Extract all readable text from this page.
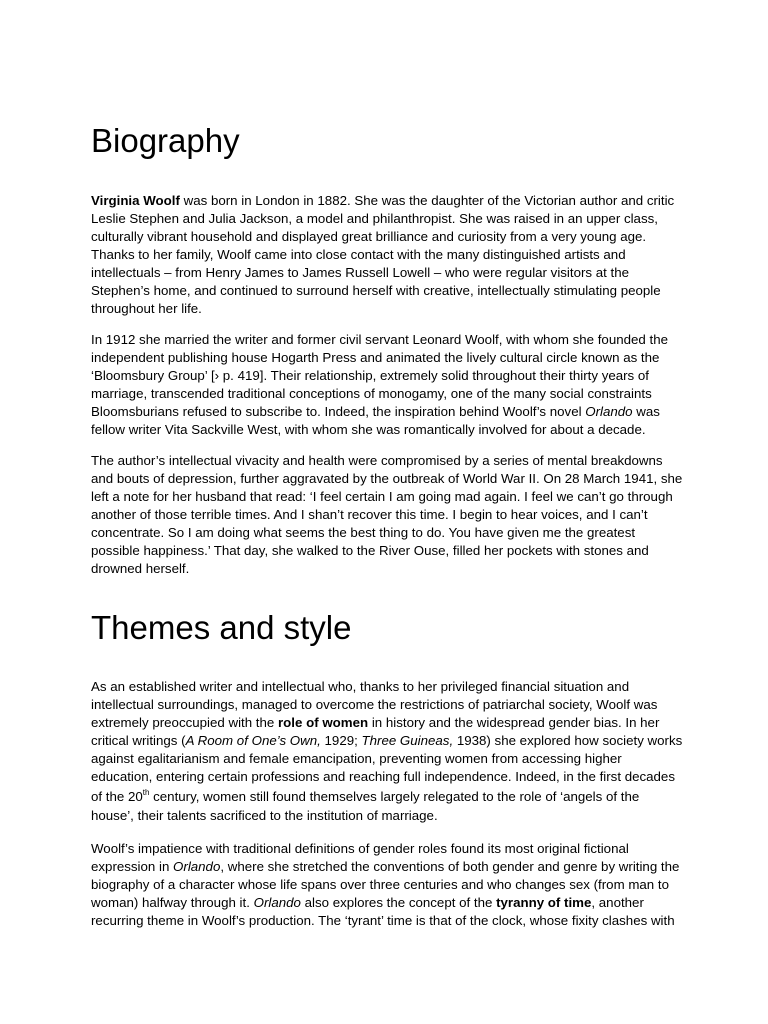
Biography
Virginia Woolf was born in London in 1882. She was the daughter of the Victorian author and critic
Leslie Stephen and Julia Jackson, a model and philanthropist. She was raised in an upper class,
culturally vibrant household and displayed great brilliance and curiosity from a very young age.
Thanks to her family, Woolf came into close contact with the many distinguished artists and
intellectuals – from Henry James to James Russell Lowell – who were regular visitors at the
Stephen’s home, and continued to surround herself with creative, intellectually stimulating people
throughout her life.
In 1912 she married the writer and former civil servant Leonard Woolf, with whom she founded the
independent publishing house Hogarth Press and animated the lively cultural circle known as the
‘Bloomsbury Group’ [› p. 419]. Their relationship, extremely solid throughout their thirty years of
marriage, transcended traditional conceptions of monogamy, one of the many social constraints
Bloomsburians refused to subscribe to. Indeed, the inspiration behind Woolf’s novel Orlando was
fellow writer Vita Sackville West, with whom she was romantically involved for about a decade.
The author’s intellectual vivacity and health were compromised by a series of mental breakdowns
and bouts of depression, further aggravated by the outbreak of World War II. On 28 March 1941, she
left a note for her husband that read: ‘I feel certain I am going mad again. I feel we can’t go through
another of those terrible times. And I shan’t recover this time. I begin to hear voices, and I can’t
concentrate. So I am doing what seems the best thing to do. You have given me the greatest
possible happiness.’ That day, she walked to the River Ouse, filled her pockets with stones and
drowned herself.
Themes and style
As an established writer and intellectual who, thanks to her privileged financial situation and
intellectual surroundings, managed to overcome the restrictions of patriarchal society, Woolf was
extremely preoccupied with the role of women in history and the widespread gender bias. In her
critical writings (A Room of One’s Own, 1929; Three Guineas, 1938) she explored how society works
against egalitarianism and female emancipation, preventing women from accessing higher
education, entering certain professions and reaching full independence. Indeed, in the first decades
of the 20th century, women still found themselves largely relegated to the role of ‘angels of the
house’, their talents sacrificed to the institution of marriage.
Woolf’s impatience with traditional definitions of gender roles found its most original fictional
expression in Orlando, where she stretched the conventions of both gender and genre by writing the
biography of a character whose life spans over three centuries and who changes sex (from man to
woman) halfway through it. Orlando also explores the concept of the tyranny of time, another
recurring theme in Woolf’s production. The ‘tyrant’ time is that of the clock, whose fixity clashes with
